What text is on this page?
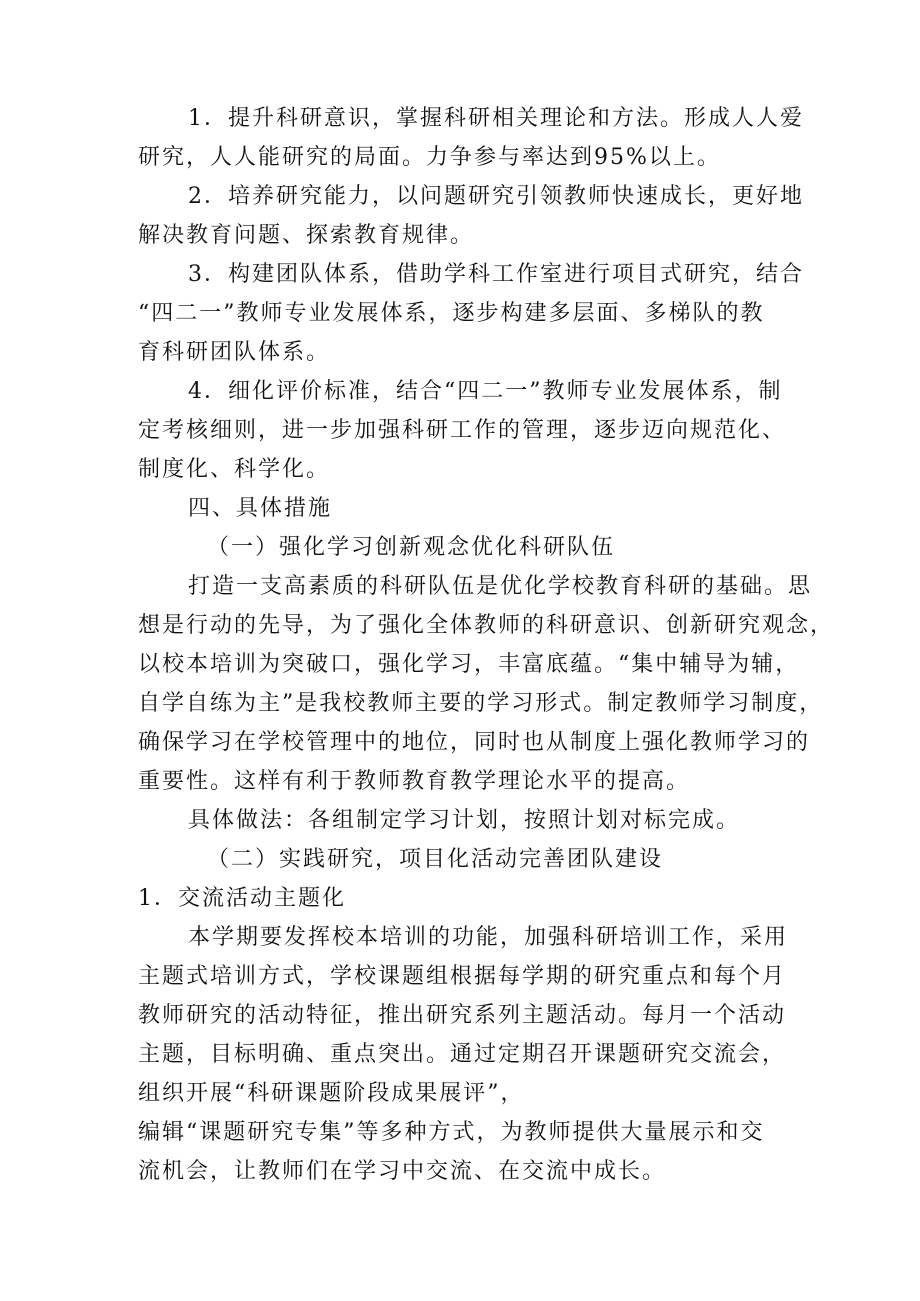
1．提升科研意识，掌握科研相关理论和方法。形成人人爱
研究，人人能研究的局面。力争参与率达到95%以上。
2．培养研究能力，以问题研究引领教师快速成长，更好地
解决教育问题、探索教育规律。
3．构建团队体系，借助学科工作室进行项目式研究，结合
“四二一”教师专业发展体系，逐步构建多层面、多梯队的教
育科研团队体系。
4．细化评价标准，结合“四二一”教师专业发展体系，制
定考核细则，进一步加强科研工作的管理，逐步迈向规范化、
制度化、科学化。
四、具体措施
（一）强化学习创新观念优化科研队伍
打造一支高素质的科研队伍是优化学校教育科研的基础。思
想是行动的先导，为了强化全体教师的科研意识、创新研究观念，
以校本培训为突破口，强化学习，丰富底蕴。“集中辅导为辅，
自学自练为主”是我校教师主要的学习形式。制定教师学习制度，
确保学习在学校管理中的地位，同时也从制度上强化教师学习的
重要性。这样有利于教师教育教学理论水平的提高。
具体做法：各组制定学习计划，按照计划对标完成。
（二）实践研究，项目化活动完善团队建设
1．交流活动主题化
本学期要发挥校本培训的功能，加强科研培训工作，采用
主题式培训方式，学校课题组根据每学期的研究重点和每个月
教师研究的活动特征，推出研究系列主题活动。每月一个活动
主题，目标明确、重点突出。通过定期召开课题研究交流会，
组织开展“科研课题阶段成果展评”，
编辑“课题研究专集”等多种方式，为教师提供大量展示和交
流机会，让教师们在学习中交流、在交流中成长。
